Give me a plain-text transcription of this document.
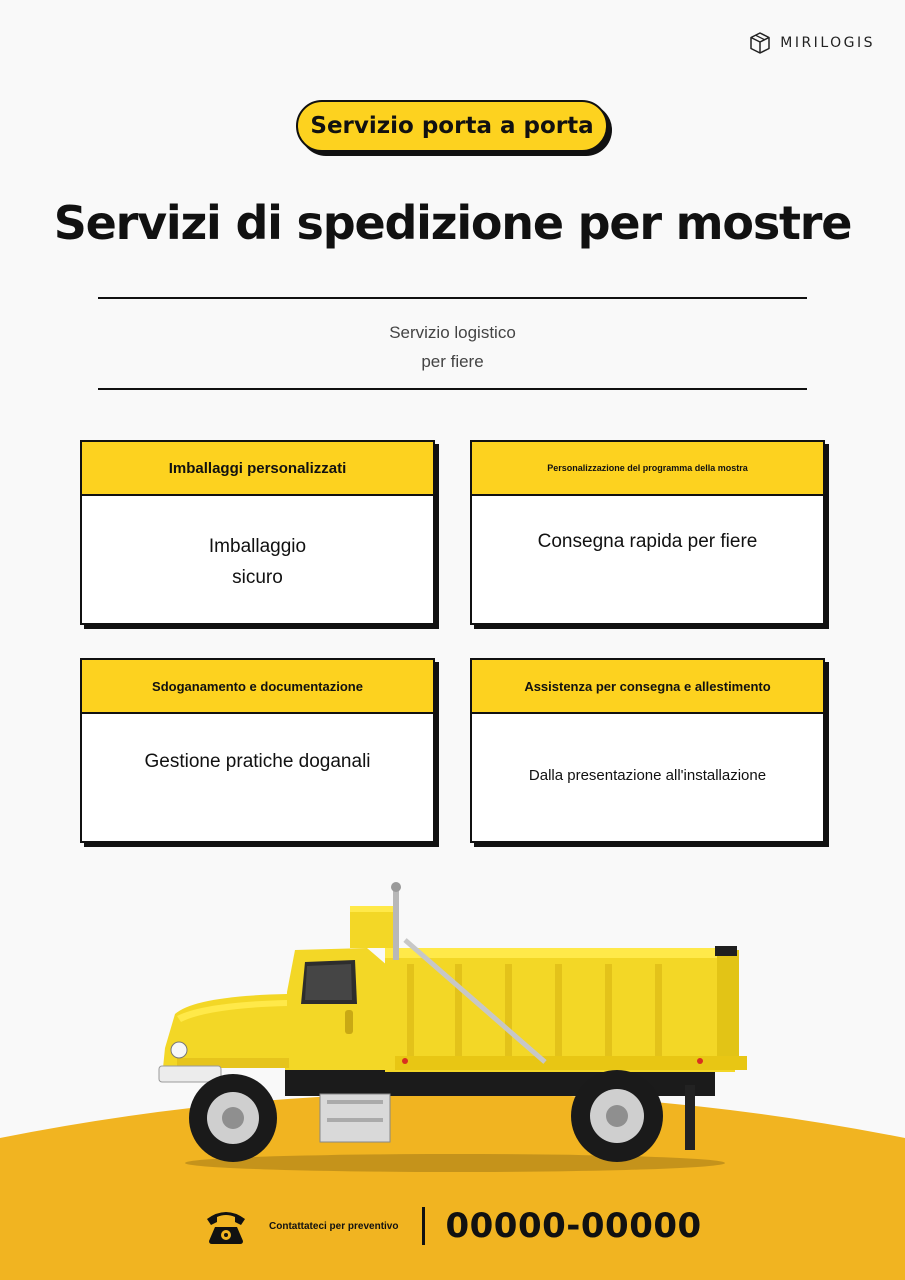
MIRILOGIS
Servizio porta a porta
Servizi di spedizione per mostre
Servizio logistico
per fiere
Imballaggi personalizzati
Imballaggio
sicuro
Personalizzazione del programma della mostra
Consegna rapida per fiere
Sdoganamento e documentazione
Gestione pratiche doganali
Assistenza per consegna e allestimento
Dalla presentazione all'installazione
Contattateci per preventivo 00000-00000
